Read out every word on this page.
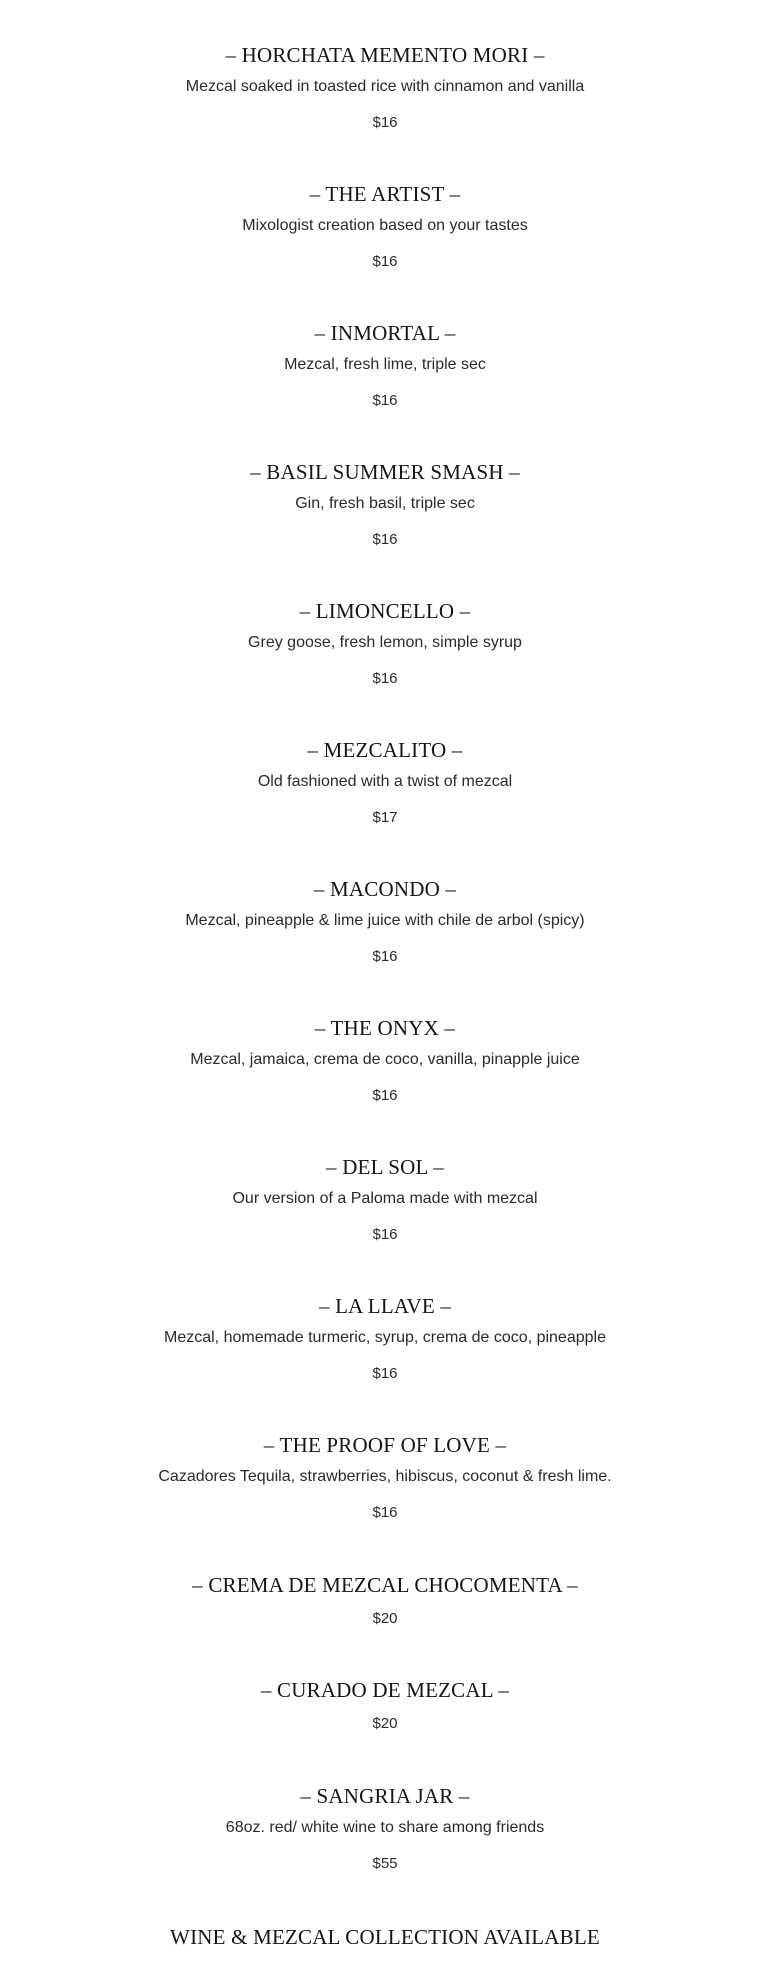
– HORCHATA MEMENTO MORI –
Mezcal soaked in toasted rice with cinnamon and vanilla
$16
– THE ARTIST –
Mixologist creation based on your tastes
$16
– INMORTAL –
Mezcal, fresh lime, triple sec
$16
– BASIL SUMMER SMASH –
Gin, fresh basil, triple sec
$16
– LIMONCELLO –
Grey goose, fresh lemon, simple syrup
$16
– MEZCALITO –
Old fashioned with a twist of mezcal
$17
– MACONDO –
Mezcal, pineapple & lime juice with chile de arbol (spicy)
$16
– THE ONYX –
Mezcal, jamaica, crema de coco, vanilla, pinapple juice
$16
– DEL SOL –
Our version of a Paloma made with mezcal
$16
– LA LLAVE –
Mezcal, homemade turmeric, syrup, crema de coco, pineapple
$16
– THE PROOF OF LOVE –
Cazadores Tequila, strawberries, hibiscus, coconut & fresh lime.
$16
– CREMA DE MEZCAL CHOCOMENTA –
$20
– CURADO DE MEZCAL –
$20
– SANGRIA JAR –
68oz. red/ white wine to share among friends
$55
WINE & MEZCAL COLLECTION AVAILABLE
